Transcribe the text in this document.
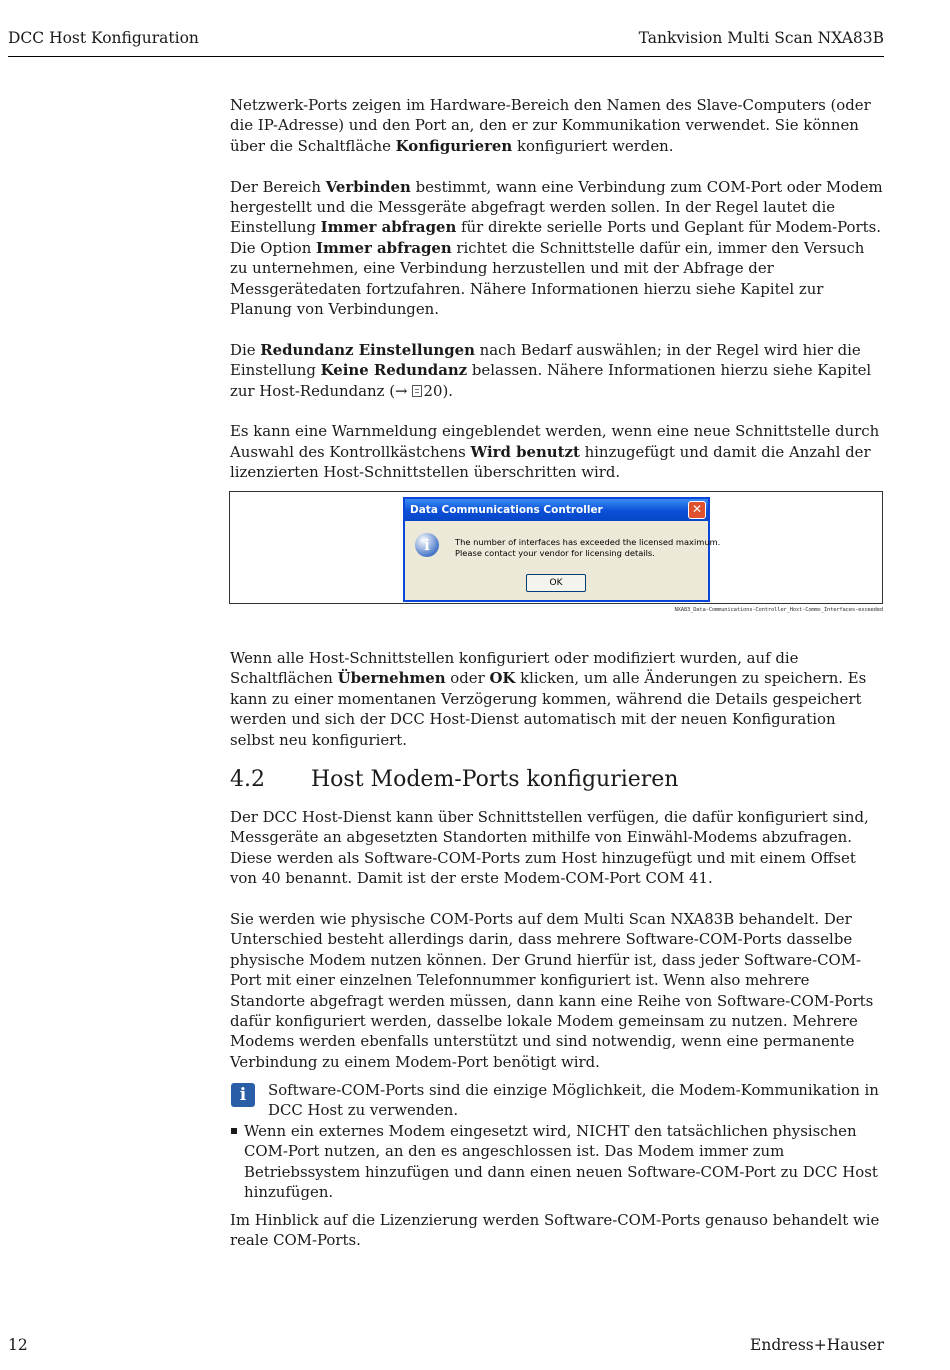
DCC Host Konfiguration	Tankvision Multi Scan NXA83B

Netzwerk-Ports zeigen im Hardware-Bereich den Namen des Slave-Computers (oder die IP-Adresse) und den Port an, den er zur Kommunikation verwendet. Sie können über die Schaltfläche Konfigurieren konfiguriert werden.

Der Bereich Verbinden bestimmt, wann eine Verbindung zum COM-Port oder Modem hergestellt und die Messgeräte abgefragt werden sollen. In der Regel lautet die Einstellung Immer abfragen für direkte serielle Ports und Geplant für Modem-Ports. Die Option Immer abfragen richtet die Schnittstelle dafür ein, immer den Versuch zu unternehmen, eine Verbindung herzustellen und mit der Abfrage der Messgerätedaten fortzufahren. Nähere Informationen hierzu siehe Kapitel zur Planung von Verbindungen.

Die Redundanz Einstellungen nach Bedarf auswählen; in der Regel wird hier die Einstellung Keine Redundanz belassen. Nähere Informationen hierzu siehe Kapitel zur Host-Redundanz (→ 20).

Es kann eine Warnmeldung eingeblendet werden, wenn eine neue Schnittstelle durch Auswahl des Kontrollkästchens Wird benutzt hinzugefügt und damit die Anzahl der lizenzierten Host-Schnittstellen überschritten wird.

Data Communications Controller	✕
i	The number of interfaces has exceeded the licensed maximum.
Please contact your vendor for licensing details.
OK
NXA83_Data-Communications-Controller_Host-Comms_Interfaces-exceeded

Wenn alle Host-Schnittstellen konfiguriert oder modifiziert wurden, auf die Schaltflächen Übernehmen oder OK klicken, um alle Änderungen zu speichern. Es kann zu einer momentanen Verzögerung kommen, während die Details gespeichert werden und sich der DCC Host-Dienst automatisch mit der neuen Konfiguration selbst neu konfiguriert.

4.2 Host Modem-Ports konfigurieren

Der DCC Host-Dienst kann über Schnittstellen verfügen, die dafür konfiguriert sind, Messgeräte an abgesetzten Standorten mithilfe von Einwähl-Modems abzufragen. Diese werden als Software-COM-Ports zum Host hinzugefügt und mit einem Offset von 40 benannt. Damit ist der erste Modem-COM-Port COM 41.

Sie werden wie physische COM-Ports auf dem Multi Scan NXA83B behandelt. Der Unterschied besteht allerdings darin, dass mehrere Software-COM-Ports dasselbe physische Modem nutzen können. Der Grund hierfür ist, dass jeder Software-COM-Port mit einer einzelnen Telefonnummer konfiguriert ist. Wenn also mehrere Standorte abgefragt werden müssen, dann kann eine Reihe von Software-COM-Ports dafür konfiguriert werden, dasselbe lokale Modem gemeinsam zu nutzen. Mehrere Modems werden ebenfalls unterstützt und sind notwendig, wenn eine permanente Verbindung zu einem Modem-Port benötigt wird.

i	Software-COM-Ports sind die einzige Möglichkeit, die Modem-Kommunikation in DCC Host zu verwenden.
Wenn ein externes Modem eingesetzt wird, NICHT den tatsächlichen physischen COM-Port nutzen, an den es angeschlossen ist. Das Modem immer zum Betriebssystem hinzufügen und dann einen neuen Software-COM-Port zu DCC Host hinzufügen.
Im Hinblick auf die Lizenzierung werden Software-COM-Ports genauso behandelt wie reale COM-Ports.
12	Endress+Hauser
